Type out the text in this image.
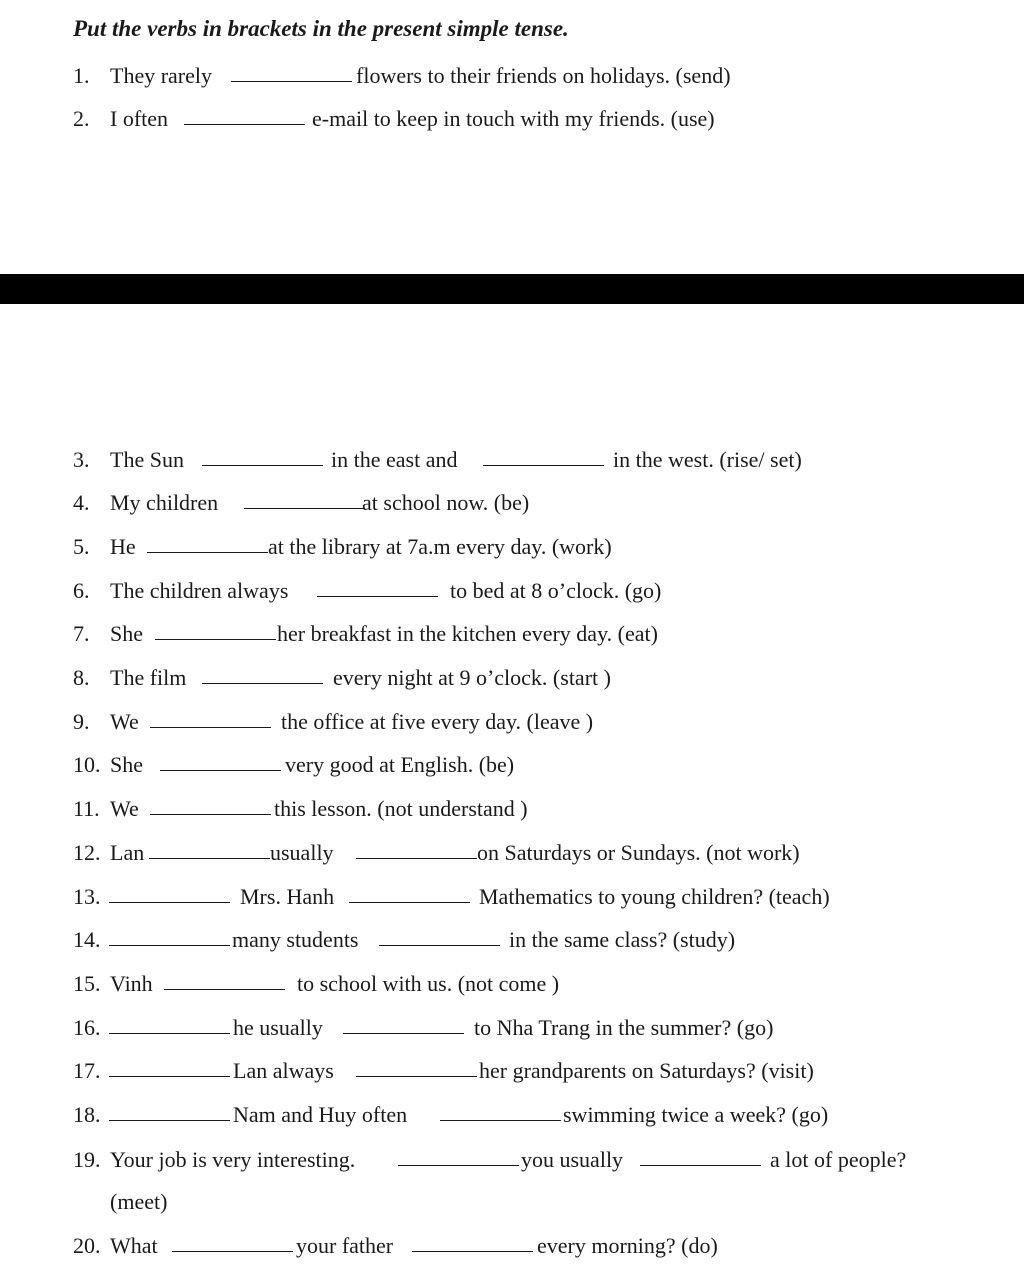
Put the verbs in brackets in the present simple tense.
1. They rarely	flowers to their friends on holidays. (send)
2. I often	e-mail to keep in touch with my friends. (use)
3. The Sun	in the east and	in the west. (rise/ set)
4. My children	at school now. (be)
5. He	at the library at 7a.m every day. (work)
6. The children always	to bed at 8 o’clock. (go)
7. She	her breakfast in the kitchen every day. (eat)
8. The film	every night at 9 o’clock. (start )
9. We	the office at five every day. (leave )
10. She	very good at English. (be)
11. We	this lesson. (not understand )
12. Lan	usually	on Saturdays or Sundays. (not work)
13.	Mrs. Hanh	Mathematics to young children? (teach)
14.	many students	in the same class? (study)
15. Vinh	to school with us. (not come )
16.	he usually	to Nha Trang in the summer? (go)
17.	Lan always	her grandparents on Saturdays? (visit)
18.	Nam and Huy often	swimming twice a week? (go)
19. Your job is very interesting.	you usually	a lot of people?
(meet)
20. What	your father	every morning? (do)
